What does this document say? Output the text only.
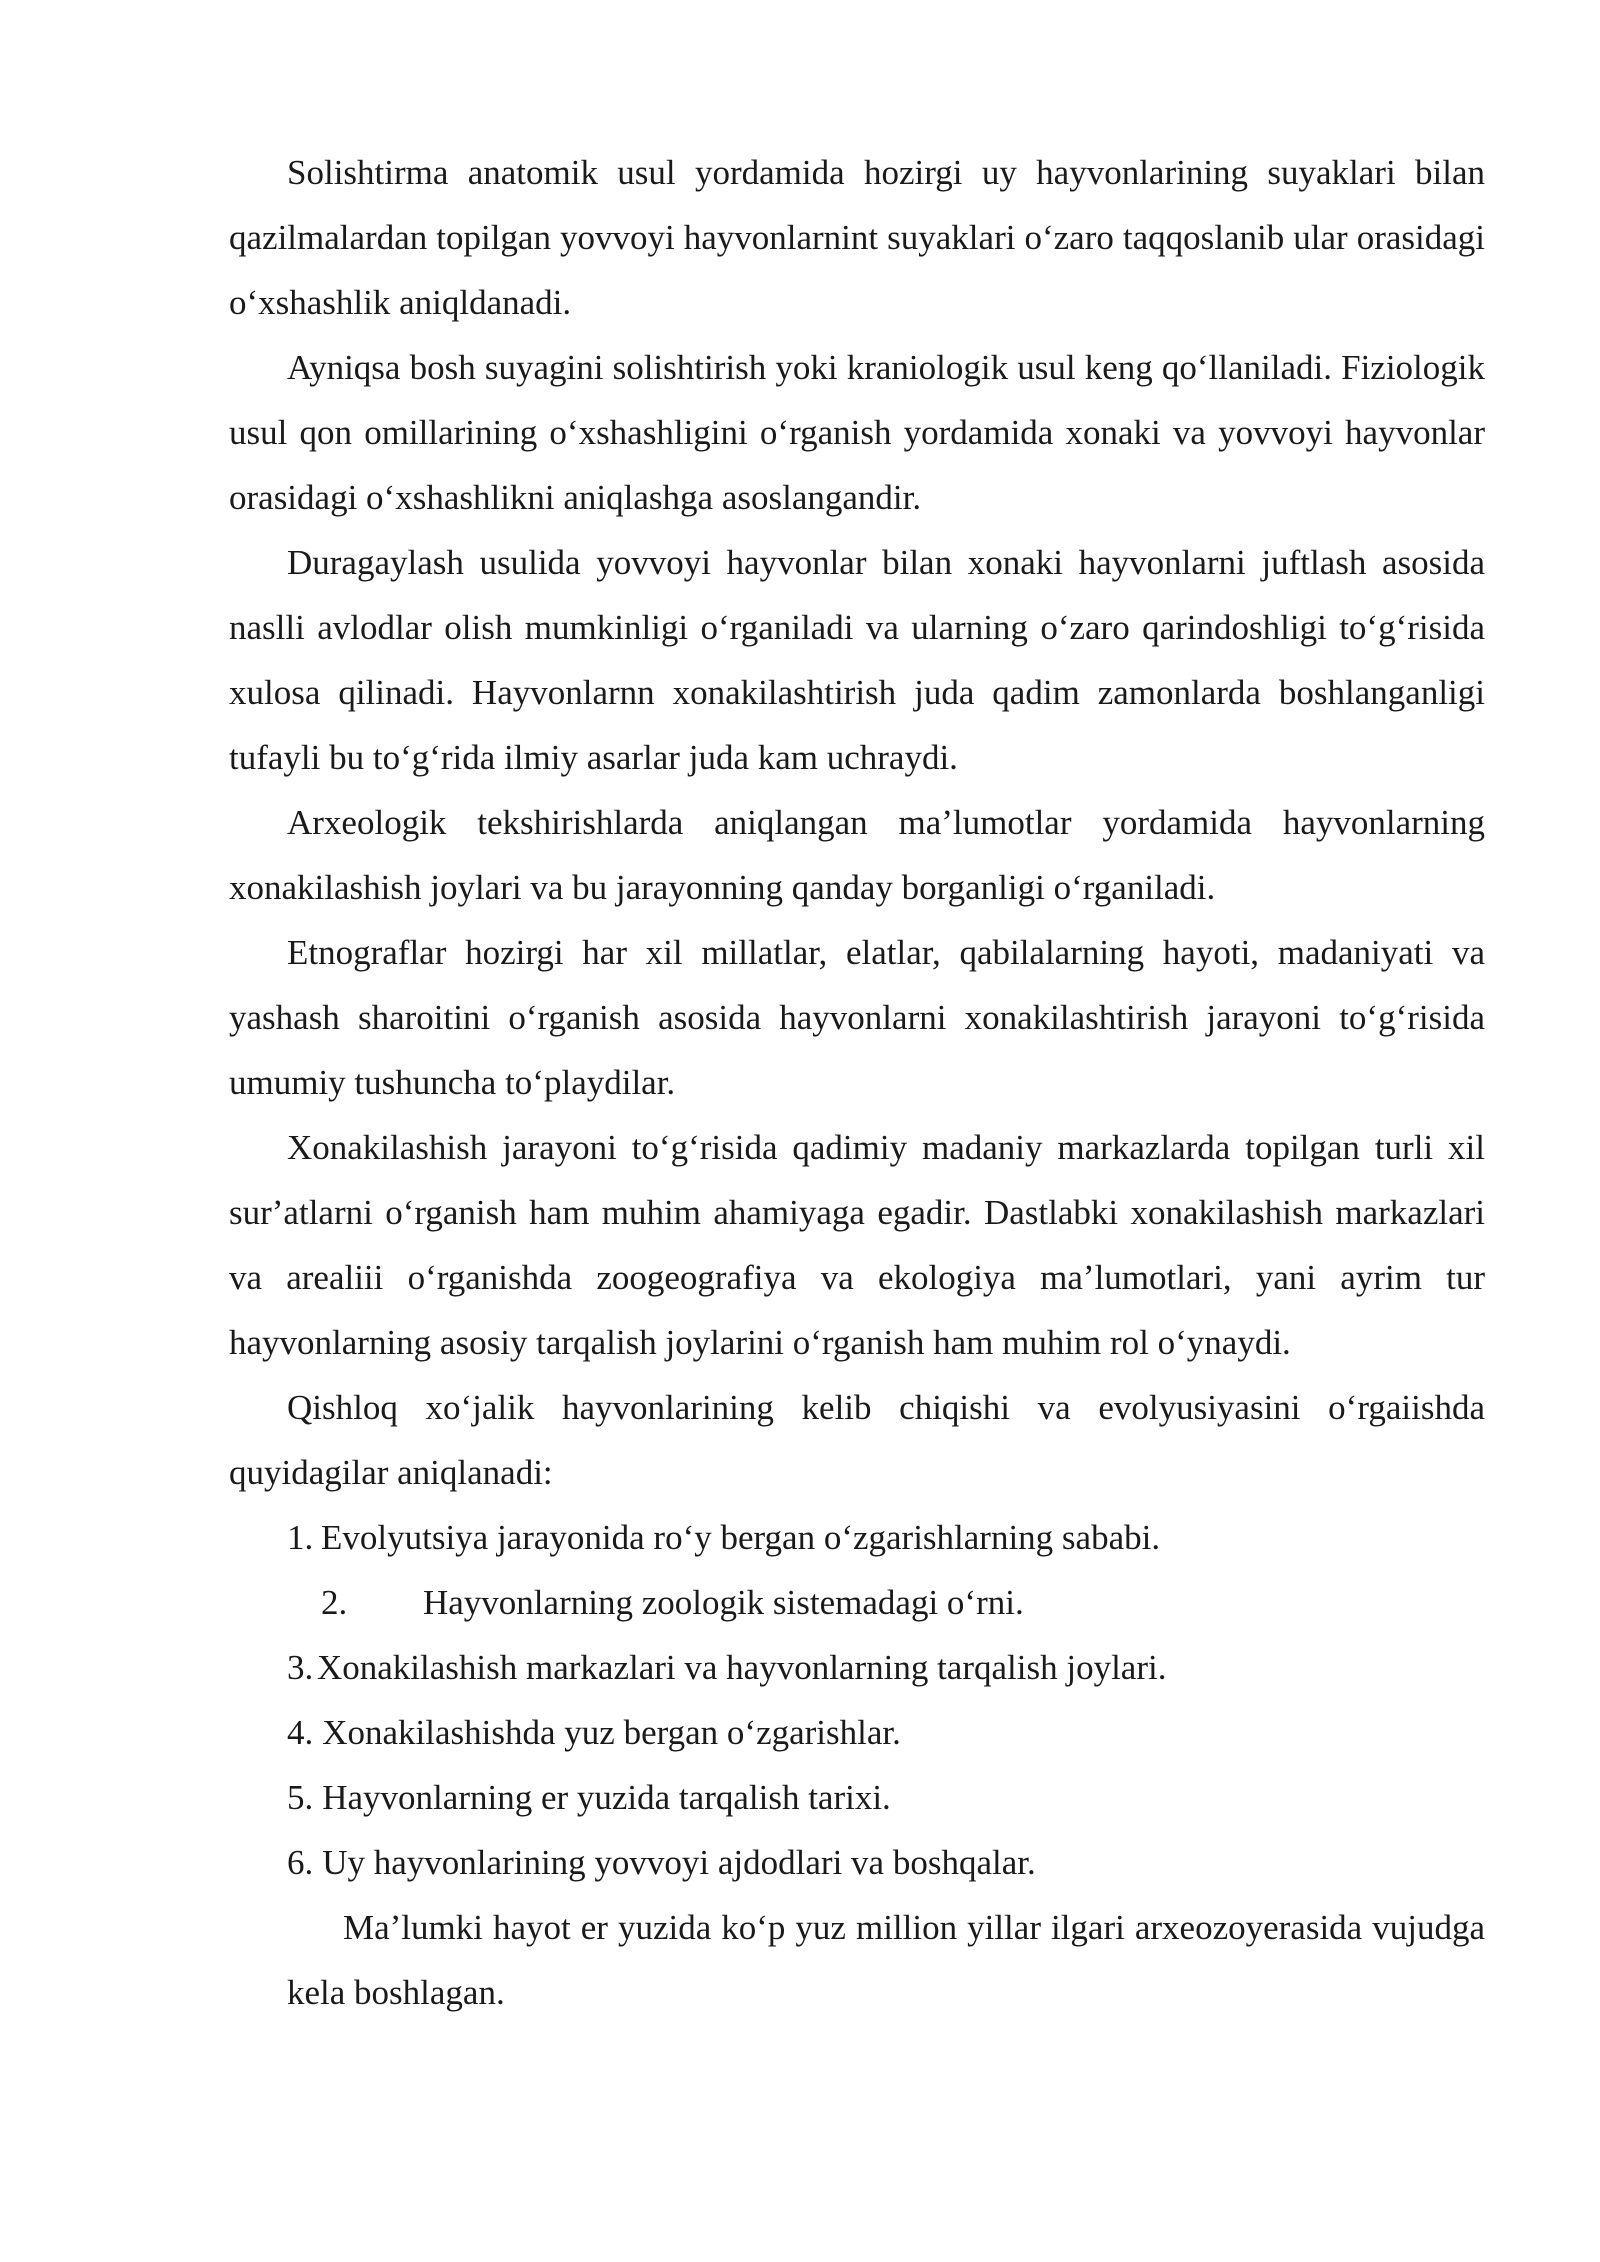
Solishtirma anatomik usul yordamida hozirgi uy hayvonlarining suyaklari bilan qazilmalardan topilgan yovvoyi hayvonlarnint suyaklari oʻzaro taqqoslanib ular orasidagi oʻxshashlik aniqldanadi.

Ayniqsa bosh suyagini solishtirish yoki kraniologik usul keng qoʻllaniladi. Fiziologik usul qon omillarining oʻxshashligini oʻrganish yordamida xonaki va yovvoyi hayvonlar orasidagi oʻxshashlikni aniqlashga asoslangandir.

Duragaylash usulida yovvoyi hayvonlar bilan xonaki hayvonlarni juftlash asosida naslli avlodlar olish mumkinligi oʻrganiladi va ularning oʻzaro qarindoshligi toʻgʻrisida xulosa qilinadi. Hayvonlarnn xonakilashtirish juda qadim zamonlarda boshlanganligi tufayli bu toʻgʻrida ilmiy asarlar juda kam uchraydi.

Arxeologik tekshirishlarda aniqlangan maʼlumotlar yordamida hayvonlarning xonakilashish joylari va bu jarayonning qanday borganligi oʻrganiladi.

Etnograflar hozirgi har xil millatlar, elatlar, qabilalarning hayoti, madaniyati va yashash sharoitini oʻrganish asosida hayvonlarni xonakilashtirish jarayoni toʻgʻrisida umumiy tushuncha toʻplaydilar.

Xonakilashish jarayoni toʻgʻrisida qadimiy madaniy markazlarda topilgan turli xil surʼatlarni oʻrganish ham muhim ahamiyaga egadir. Dastlabki xonakilashish markazlari va arealiii oʻrganishda zoogeografiya va ekologiya maʼlumotlari, yani ayrim tur hayvonlarning asosiy tarqalish joylarini oʻrganish ham muhim rol oʻynaydi.

Qishloq xoʻjalik hayvonlarining kelib chiqishi va evolyusiyasini oʻrgaiishda quyidagilar aniqlanadi:

1. Evolyutsiya jarayonida roʻy bergan oʻzgarishlarning sababi.
2. Hayvonlarning zoologik sistemadagi oʻrni.
3. Xonakilashish markazlari va hayvonlarning tarqalish joylari.
4. Xonakilashishda yuz bergan oʻzgarishlar.
5. Hayvonlarning er yuzida tarqalish tarixi.
6. Uy hayvonlarining yovvoyi ajdodlari va boshqalar.

Maʼlumki hayot er yuzida koʻp yuz million yillar ilgari arxeozoyerasida vujudga kela boshlagan.
